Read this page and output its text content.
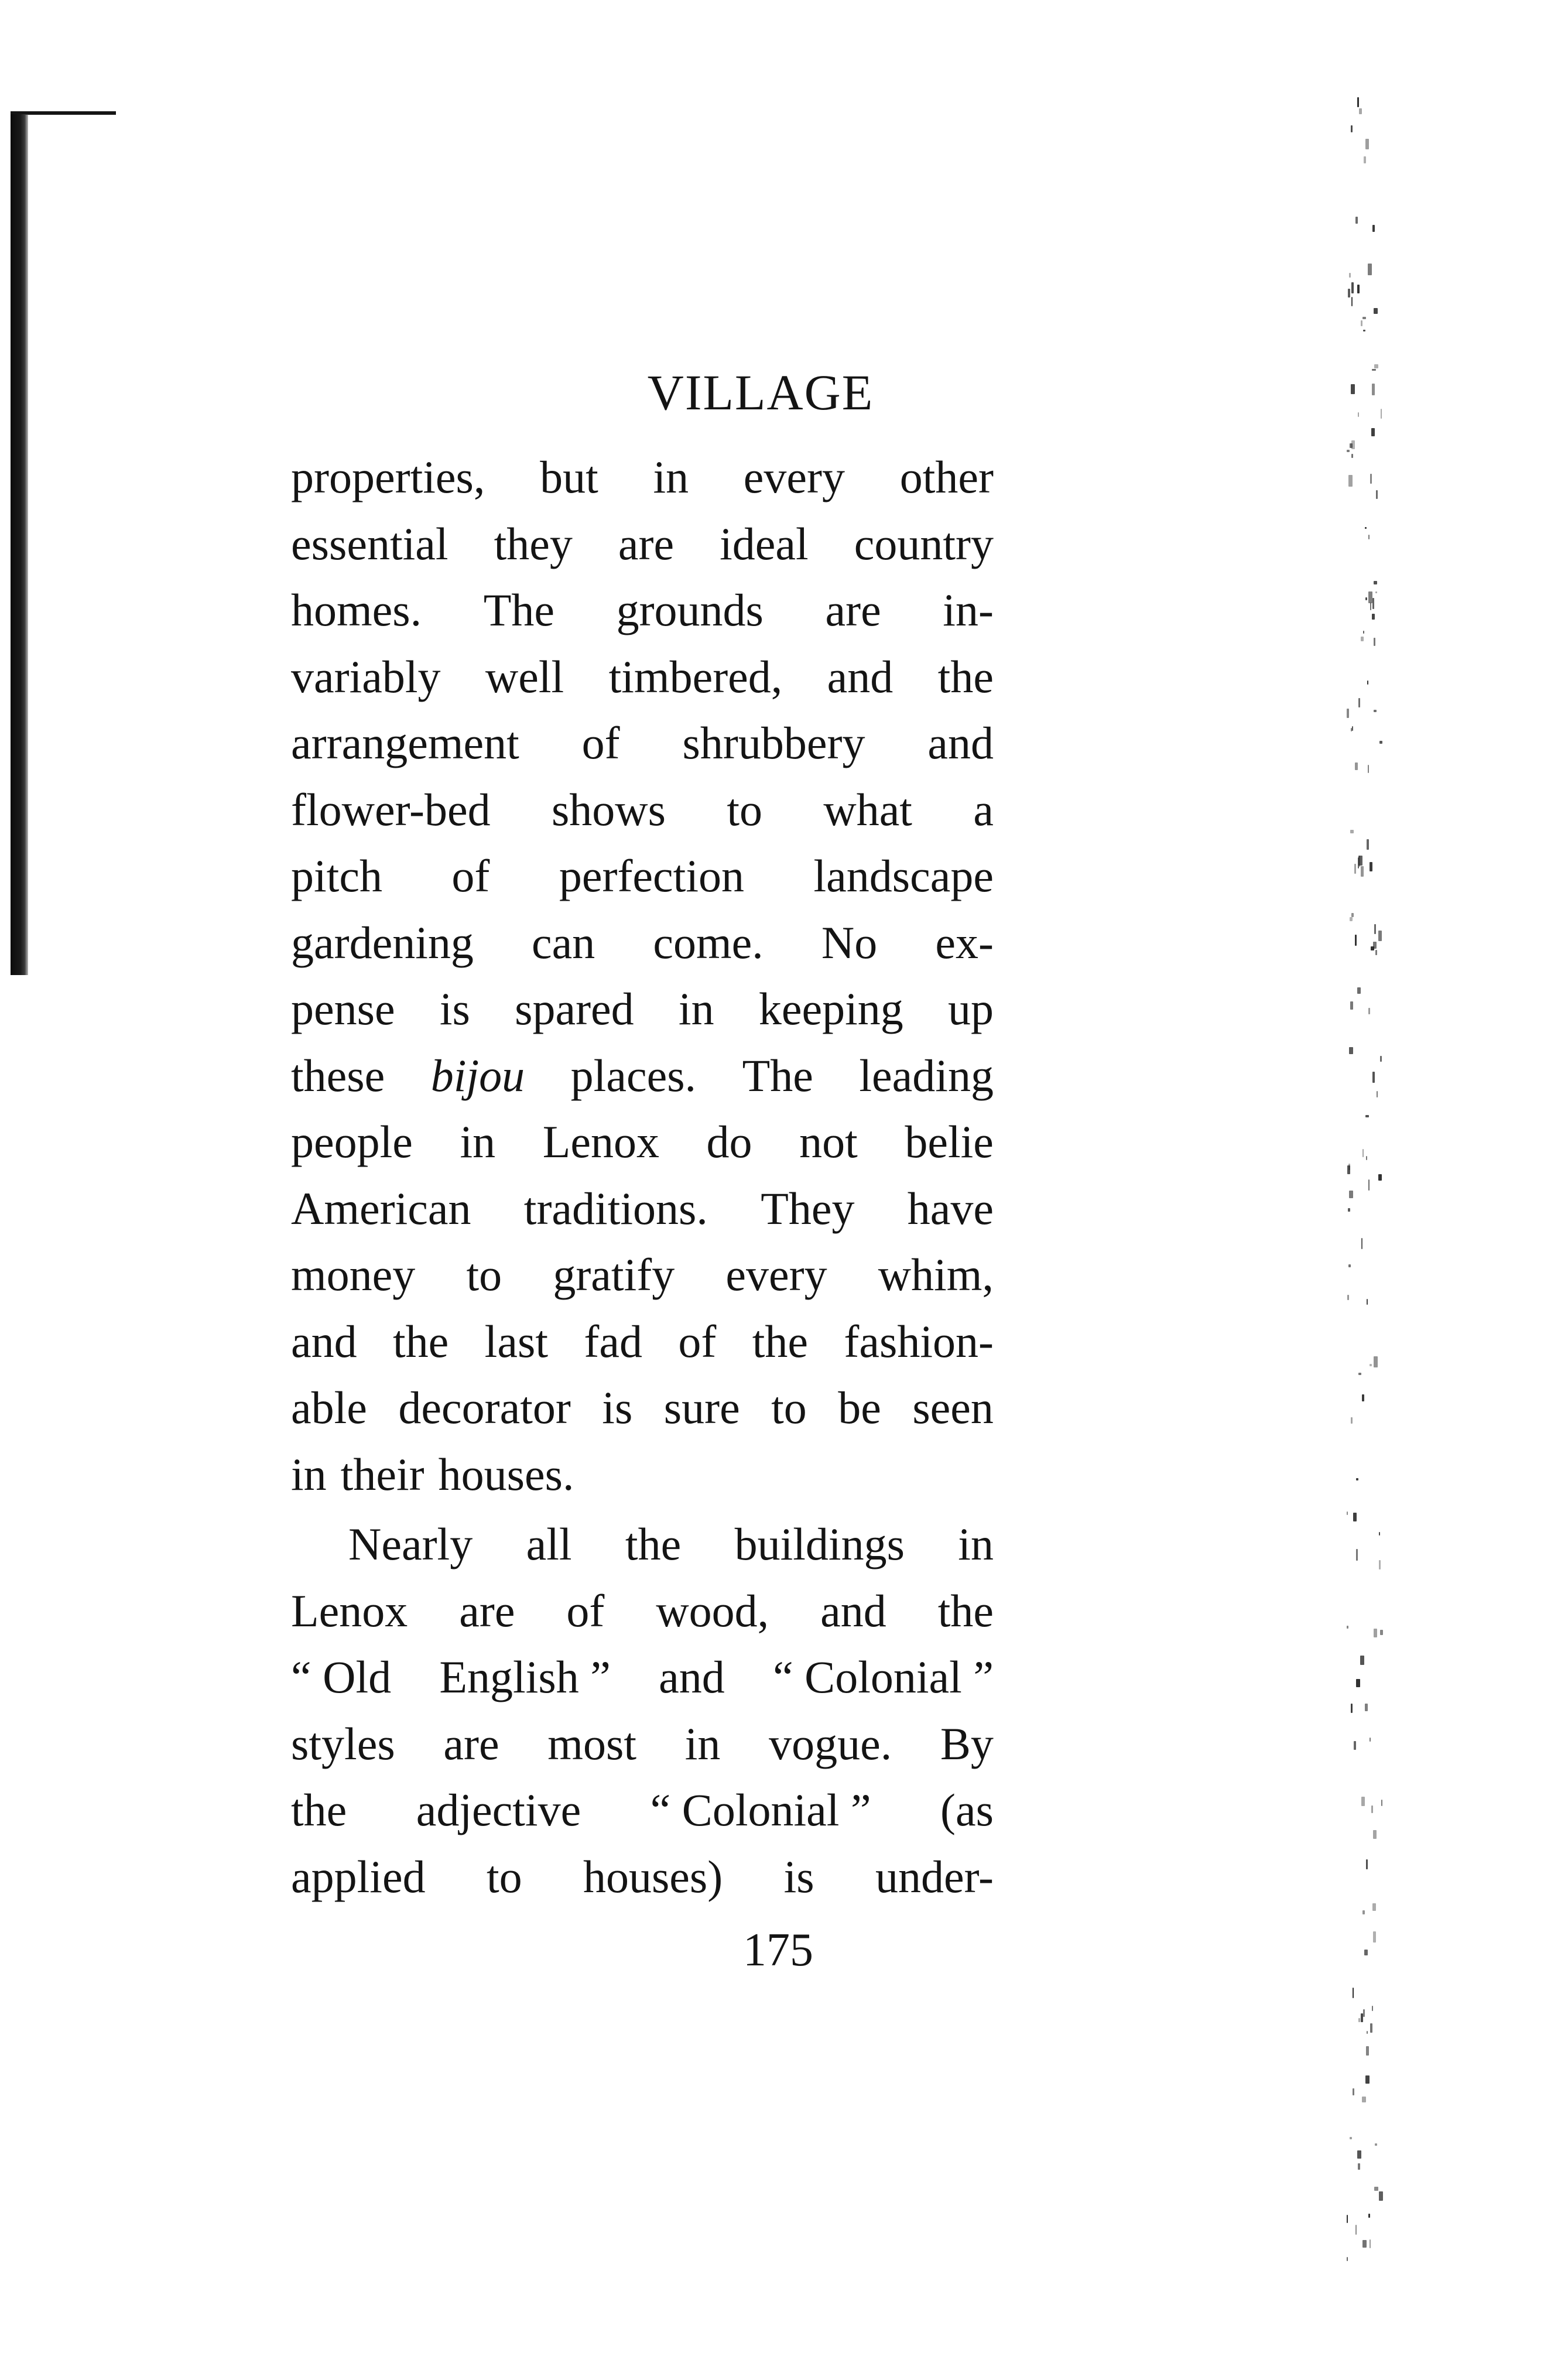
VILLAGE
properties, but in every other
essential they are ideal country
homes. The grounds are in-
variably well timbered, and the
arrangement of shrubbery and
flower-bed shows to what a
pitch of perfection landscape
gardening can come. No ex-
pense is spared in keeping up
these bijou places. The leading
people in Lenox do not belie
American traditions. They have
money to gratify every whim,
and the last fad of the fashion-
able decorator is sure to be seen
in their houses.
Nearly all the buildings in
Lenox are of wood, and the
“ Old English ” and “ Colonial ”
styles are most in vogue. By
the adjective “ Colonial ” (as
applied to houses) is under-
175
